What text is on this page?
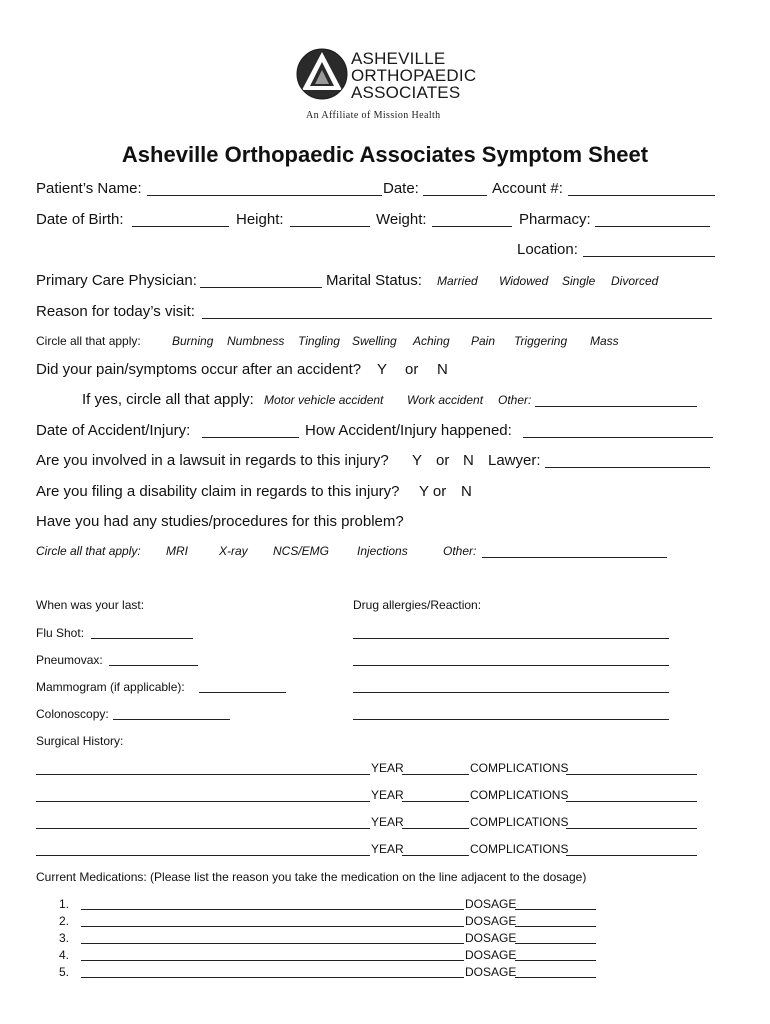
ASHEVILLE
ORTHOPAEDIC
ASSOCIATES
An Affiliate of Mission Health
Asheville Orthopaedic Associates Symptom Sheet
Patient’s Name:	Date:	Account #:
Date of Birth:	Height:	Weight:	Pharmacy:
Location:
Primary Care Physician:	Marital Status: Married Widowed Single Divorced
Reason for today’s visit:
Circle all that apply:	Burning Numbness Tingling Swelling Aching Pain Triggering Mass
Did your pain/symptoms occur after an accident? Y or N
If yes, circle all that apply: Motor vehicle accident Work accident Other:
Date of Accident/Injury:	How Accident/Injury happened:
Are you involved in a lawsuit in regards to this injury? Y or N Lawyer:
Are you filing a disability claim in regards to this injury? Y or N
Have you had any studies/procedures for this problem?
Circle all that apply: MRI	X-ray NCS/EMG Injections	Other:
When was your last:	Drug allergies/Reaction:
Flu Shot:
Pneumovax:
Mammogram (if applicable):
Colonoscopy:
Surgical History:
YEAR	COMPLICATIONS
YEAR	COMPLICATIONS
YEAR	COMPLICATIONS
YEAR	COMPLICATIONS
Current Medications: (Please list the reason you take the medication on the line adjacent to the dosage)
1.	DOSAGE
2.	DOSAGE
3.	DOSAGE
4.	DOSAGE
5.	DOSAGE
